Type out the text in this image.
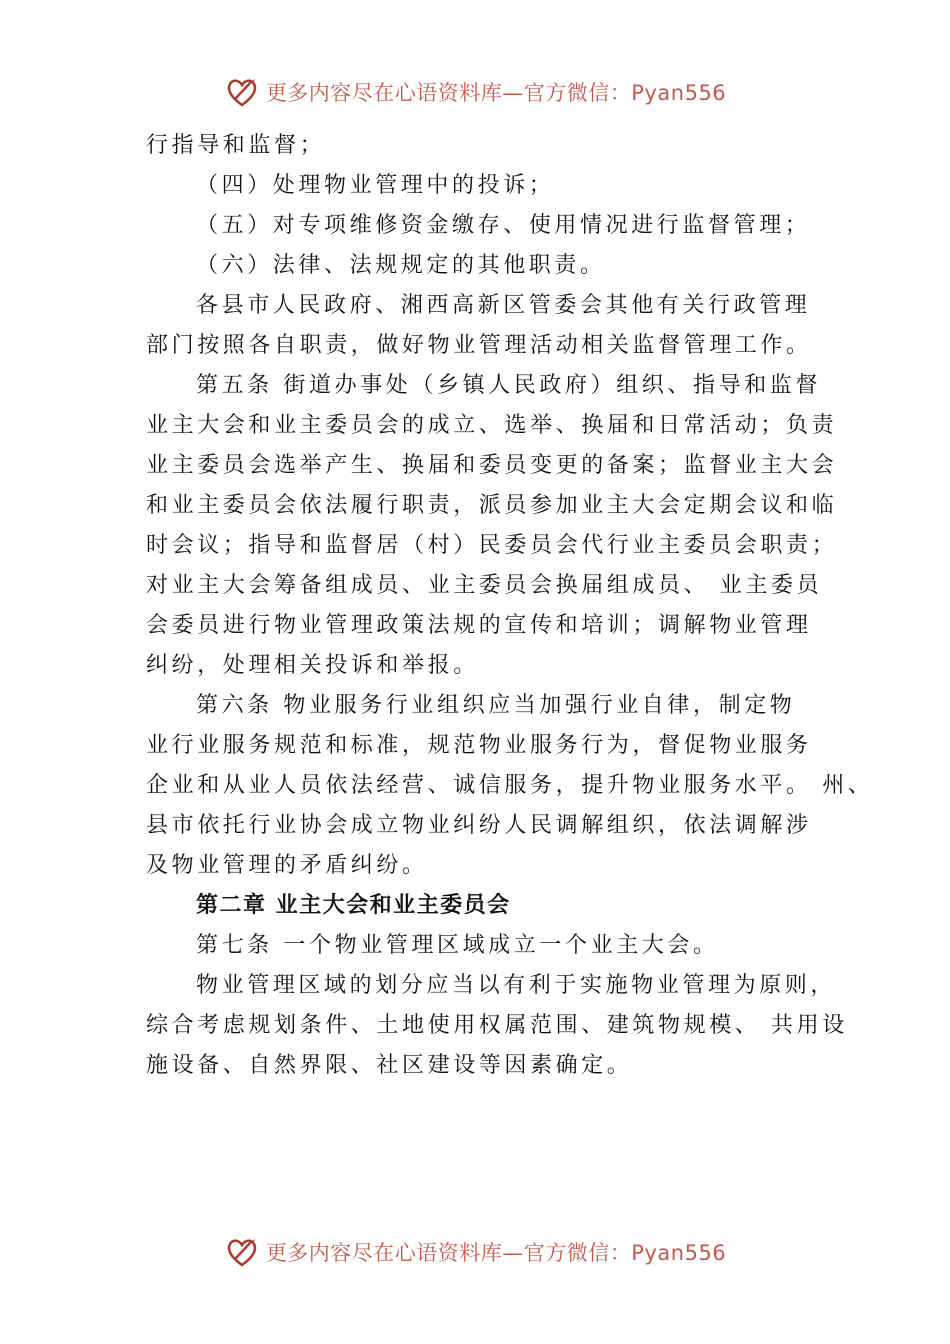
更多内容尽在心语资料库—官方微信：Pyan556
行指导和监督；
（四）处理物业管理中的投诉；
（五）对专项维修资金缴存、使用情况进行监督管理；
（六）法律、法规规定的其他职责。
各县市人民政府、湘西高新区管委会其他有关行政管理
部门按照各自职责，做好物业管理活动相关监督管理工作。
第五条 街道办事处（乡镇人民政府）组织、指导和监督
业主大会和业主委员会的成立、选举、换届和日常活动；负责
业主委员会选举产生、换届和委员变更的备案；监督业主大会
和业主委员会依法履行职责，派员参加业主大会定期会议和临
时会议；指导和监督居（村）民委员会代行业主委员会职责；
对业主大会筹备组成员、业主委员会换届组成员、 业主委员
会委员进行物业管理政策法规的宣传和培训；调解物业管理
纠纷，处理相关投诉和举报。
第六条 物业服务行业组织应当加强行业自律，制定物
业行业服务规范和标准，规范物业服务行为，督促物业服务
企业和从业人员依法经营、诚信服务，提升物业服务水平。 州、
县市依托行业协会成立物业纠纷人民调解组织，依法调解涉
及物业管理的矛盾纠纷。
第二章 业主大会和业主委员会
第七条 一个物业管理区域成立一个业主大会。
物业管理区域的划分应当以有利于实施物业管理为原则，
综合考虑规划条件、土地使用权属范围、建筑物规模、 共用设
施设备、自然界限、社区建设等因素确定。
更多内容尽在心语资料库—官方微信：Pyan556
